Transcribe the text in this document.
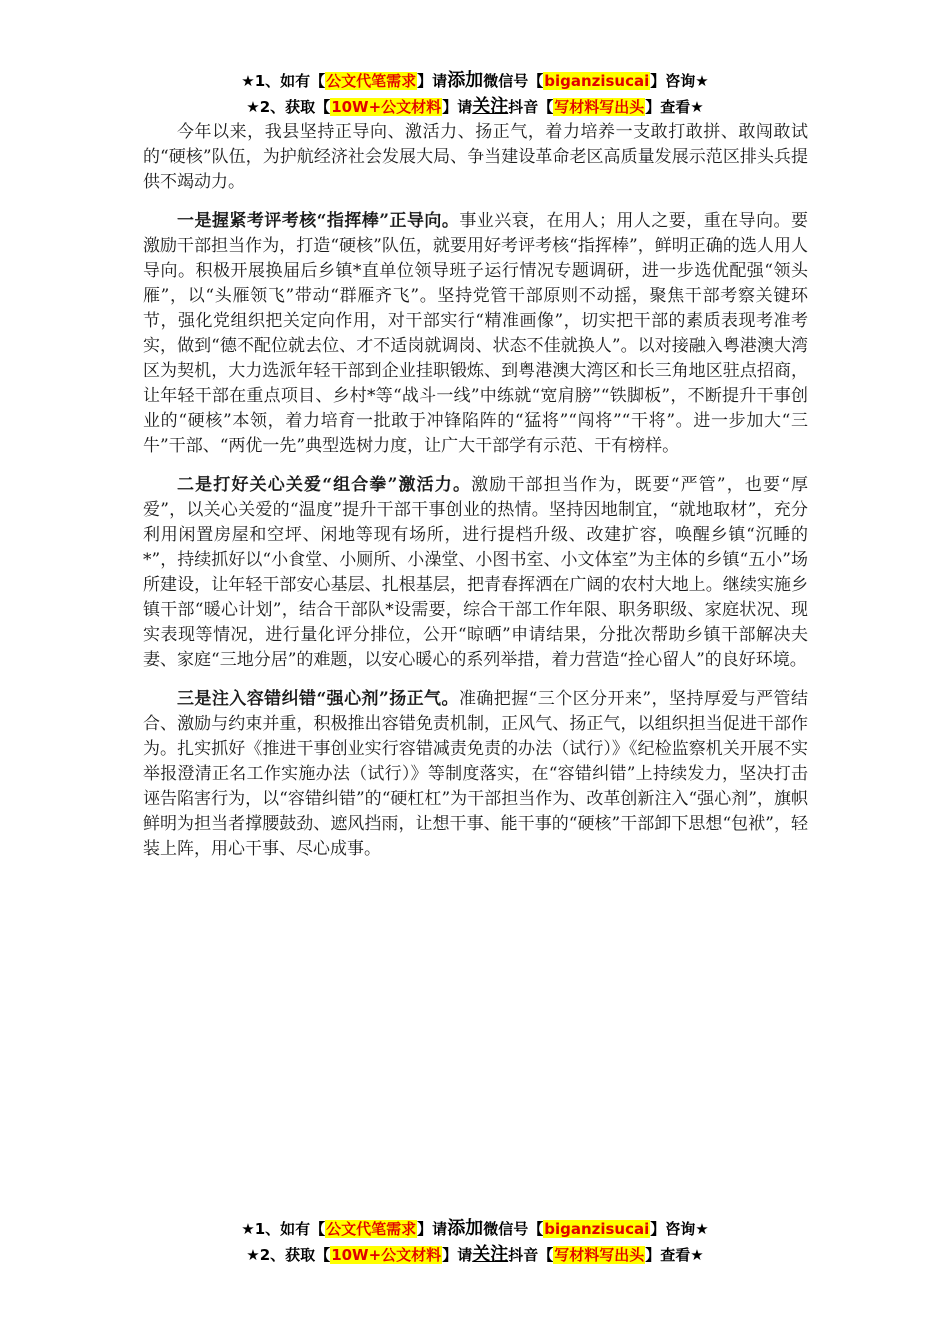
★1、如有【公文代笔需求】请添加微信号【biganzisucai】咨询★
★2、获取【10W+公文材料】请关注抖音【写材料写出头】查看★

今年以来，我县坚持正导向、激活力、扬正气，着力培养一支敢打敢拼、敢闯敢试的“硬核”队伍，为护航经济社会发展大局、争当建设革命老区高质量发展示范区排头兵提供不竭动力。

一是握紧考评考核“指挥棒”正导向。事业兴衰，在用人；用人之要，重在导向。要激励干部担当作为，打造“硬核”队伍，就要用好考评考核“指挥棒”，鲜明正确的选人用人导向。积极开展换届后乡镇*直单位领导班子运行情况专题调研，进一步选优配强“领头雁”，以“头雁领飞”带动“群雁齐飞”。坚持党管干部原则不动摇，聚焦干部考察关键环节，强化党组织把关定向作用，对干部实行“精准画像”，切实把干部的素质表现考准考实，做到“德不配位就去位、才不适岗就调岗、状态不佳就换人”。以对接融入粤港澳大湾区为契机，大力选派年轻干部到企业挂职锻炼、到粤港澳大湾区和长三角地区驻点招商，让年轻干部在重点项目、乡村*等“战斗一线”中练就“宽肩膀”“铁脚板”，不断提升干事创业的“硬核”本领，着力培育一批敢于冲锋陷阵的“猛将”“闯将”“干将”。进一步加大“三牛”干部、“两优一先”典型选树力度，让广大干部学有示范、干有榜样。

二是打好关心关爱“组合拳”激活力。激励干部担当作为，既要“严管”，也要“厚爱”，以关心关爱的“温度”提升干部干事创业的热情。坚持因地制宜，“就地取材”，充分利用闲置房屋和空坪、闲地等现有场所，进行提档升级、改建扩容，唤醒乡镇“沉睡的*”，持续抓好以“小食堂、小厕所、小澡堂、小图书室、小文体室”为主体的乡镇“五小”场所建设，让年轻干部安心基层、扎根基层，把青春挥洒在广阔的农村大地上。继续实施乡镇干部“暖心计划”，结合干部队*设需要，综合干部工作年限、职务职级、家庭状况、现实表现等情况，进行量化评分排位，公开“晾晒”申请结果，分批次帮助乡镇干部解决夫妻、家庭“三地分居”的难题，以安心暖心的系列举措，着力营造“拴心留人”的良好环境。

三是注入容错纠错“强心剂”扬正气。准确把握“三个区分开来”，坚持厚爱与严管结合、激励与约束并重，积极推出容错免责机制，正风气、扬正气，以组织担当促进干部作为。扎实抓好《推进干事创业实行容错减责免责的办法（试行）》《纪检监察机关开展不实举报澄清正名工作实施办法（试行）》等制度落实，在“容错纠错”上持续发力，坚决打击诬告陷害行为，以“容错纠错”的“硬杠杠”为干部担当作为、改革创新注入“强心剂”，旗帜鲜明为担当者撑腰鼓劲、遮风挡雨，让想干事、能干事的“硬核”干部卸下思想“包袱”，轻装上阵，用心干事、尽心成事。

★1、如有【公文代笔需求】请添加微信号【biganzisucai】咨询★
★2、获取【10W+公文材料】请关注抖音【写材料写出头】查看★
